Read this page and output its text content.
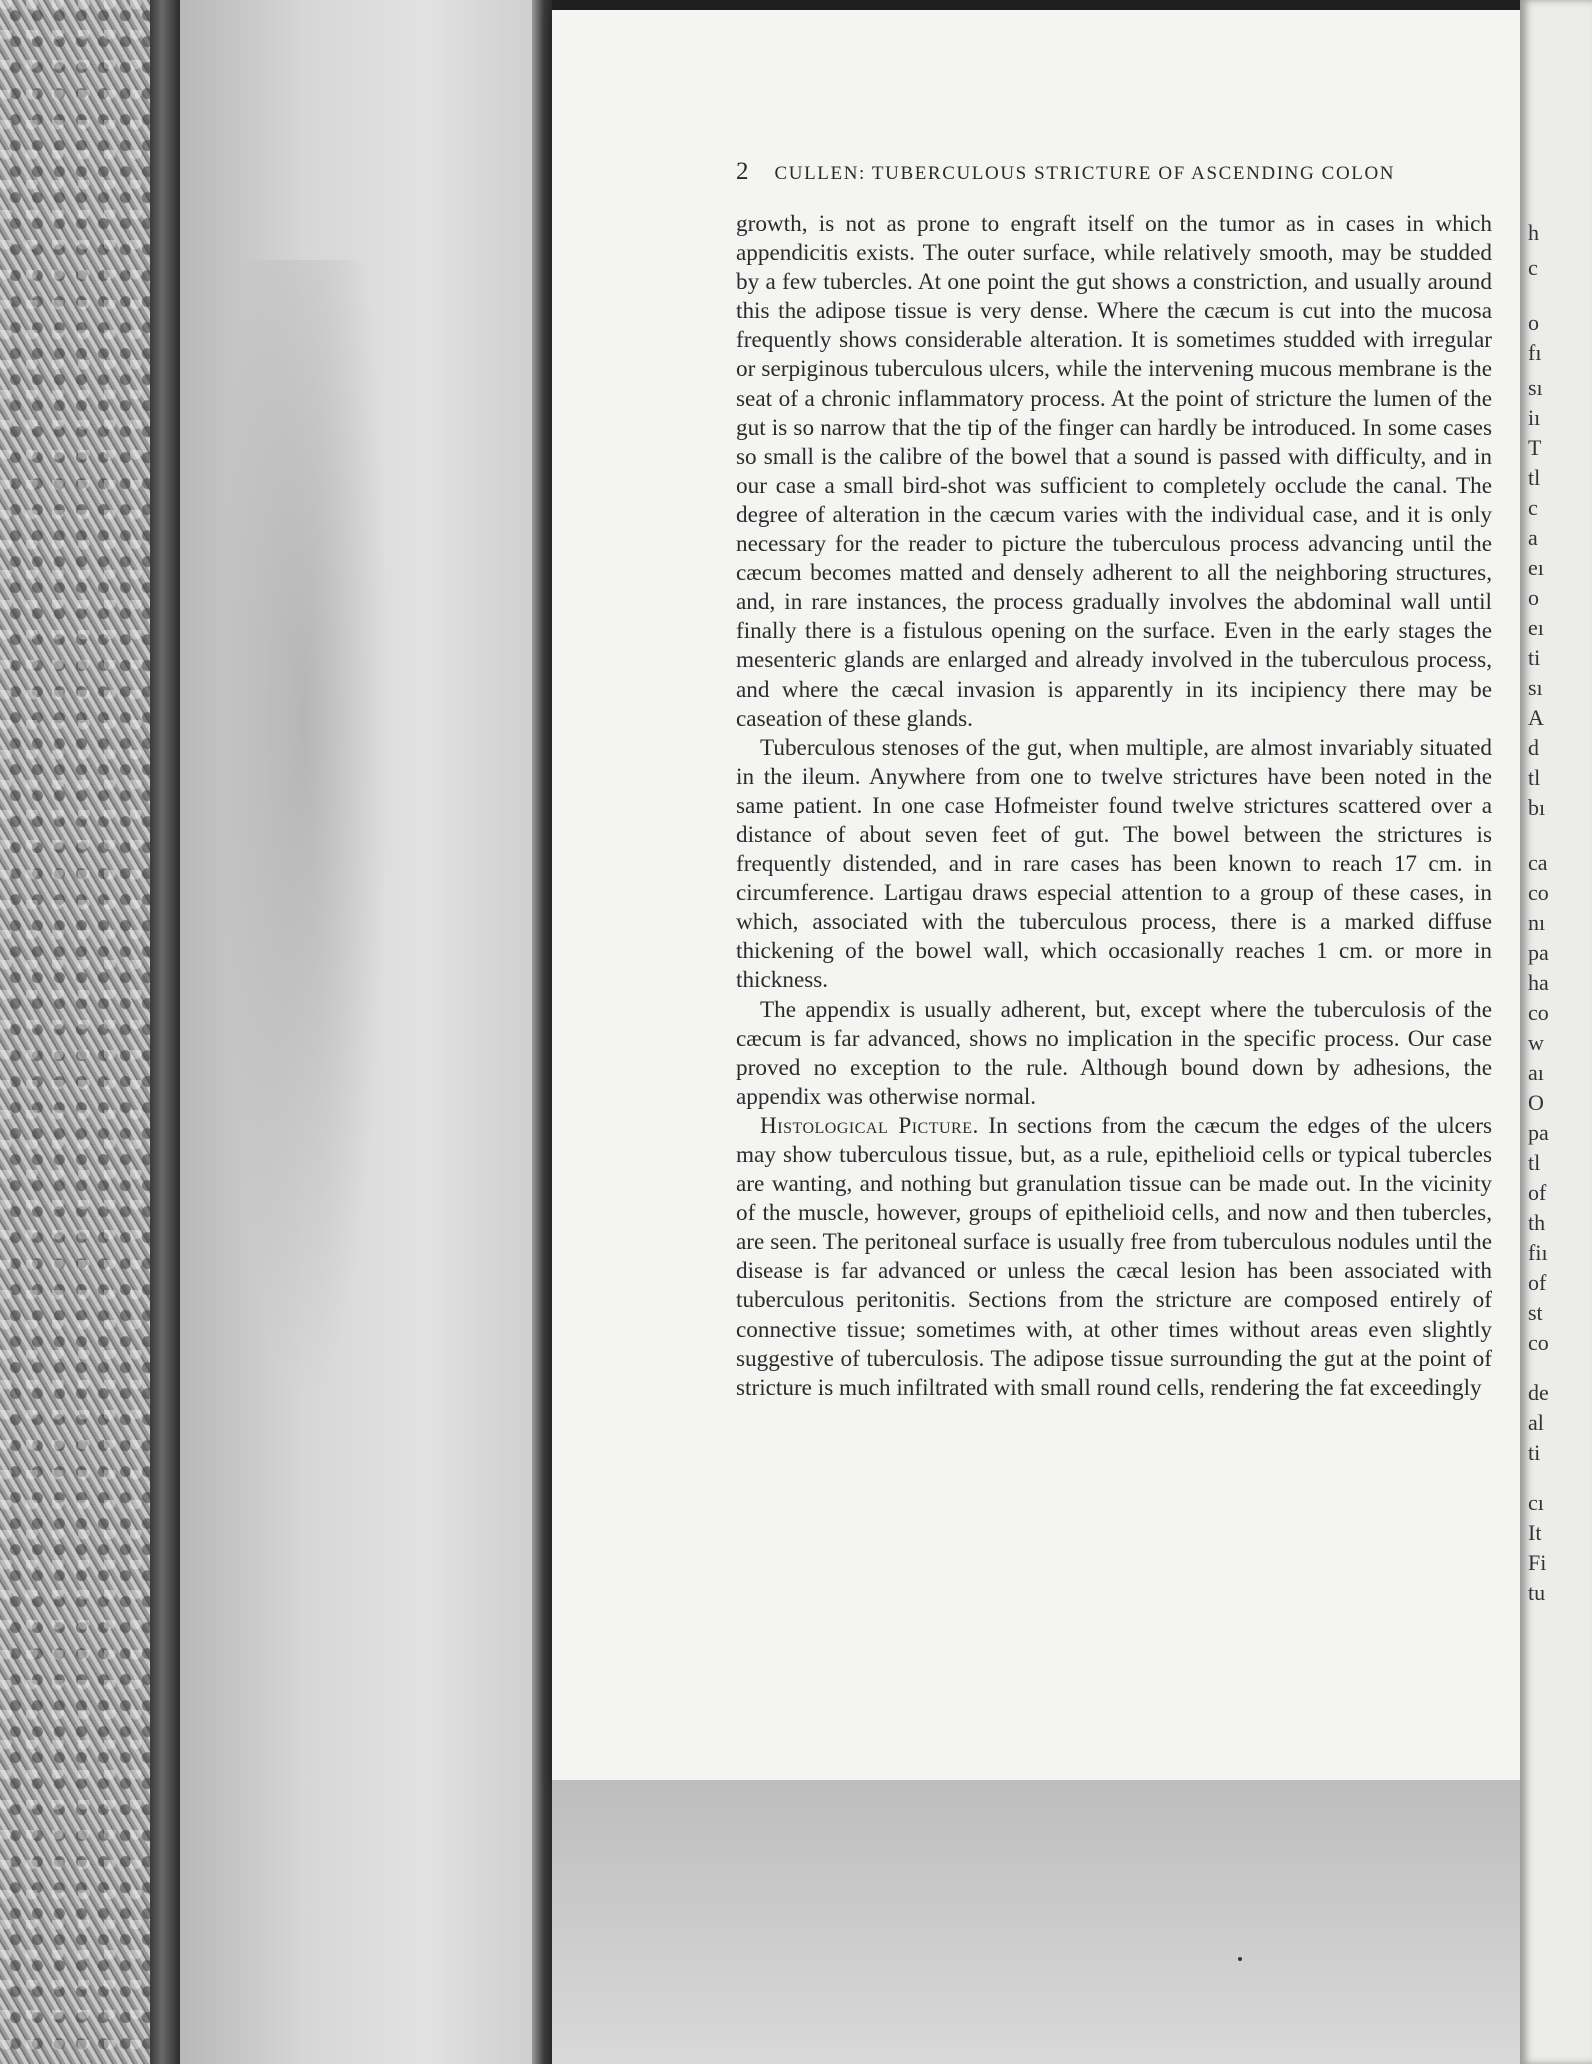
2 CULLEN: TUBERCULOUS STRICTURE OF ASCENDING COLON

growth, is not as prone to engraft itself on the tumor as in cases in which appendicitis exists. The outer surface, while relatively smooth, may be studded by a few tubercles. At one point the gut shows a constriction, and usually around this the adipose tissue is very dense. Where the cæcum is cut into the mucosa frequently shows considerable alteration. It is sometimes studded with irregular or serpiginous tuberculous ulcers, while the intervening mucous membrane is the seat of a chronic inflammatory process. At the point of stricture the lumen of the gut is so narrow that the tip of the finger can hardly be introduced. In some cases so small is the calibre of the bowel that a sound is passed with difficulty, and in our case a small bird-shot was sufficient to completely occlude the canal. The degree of alteration in the cæcum varies with the individual case, and it is only necessary for the reader to picture the tuberculous process advancing until the cæcum becomes matted and densely adherent to all the neighboring structures, and, in rare instances, the process gradually involves the abdominal wall until finally there is a fistulous opening on the surface. Even in the early stages the mesenteric glands are enlarged and already involved in the tuberculous process, and where the cæcal invasion is apparently in its incipiency there may be caseation of these glands.

Tuberculous stenoses of the gut, when multiple, are almost invariably situated in the ileum. Anywhere from one to twelve strictures have been noted in the same patient. In one case Hofmeister found twelve strictures scattered over a distance of about seven feet of gut. The bowel between the strictures is frequently distended, and in rare cases has been known to reach 17 cm. in circumference. Lartigau draws especial attention to a group of these cases, in which, associated with the tuberculous process, there is a marked diffuse thickening of the bowel wall, which occasionally reaches 1 cm. or more in thickness.

The appendix is usually adherent, but, except where the tuberculosis of the cæcum is far advanced, shows no implication in the specific process. Our case proved no exception to the rule. Although bound down by adhesions, the appendix was otherwise normal.

Histological Picture. In sections from the cæcum the edges of the ulcers may show tuberculous tissue, but, as a rule, epithelioid cells or typical tubercles are wanting, and nothing but granulation tissue can be made out. In the vicinity of the muscle, however, groups of epithelioid cells, and now and then tubercles, are seen. The peritoneal surface is usually free from tuberculous nodules until the disease is far advanced or unless the cæcal lesion has been associated with tuberculous peritonitis. Sections from the stricture are composed entirely of connective tissue; sometimes with, at other times without areas even slightly suggestive of tuberculosis. The adipose tissue surrounding the gut at the point of stricture is much infiltrated with small round cells, rendering the fat exceedingly

h
c
o
fı
sı
iı
T
tl
c
a
eı
o
eı
ti
sı
A
d
tl
bı
ca
co
nı
pa
ha
co
w
aı
O
pa
tl
of
th
fiı
of
st
co
de
al
ti
cı
It
Fi
tu
